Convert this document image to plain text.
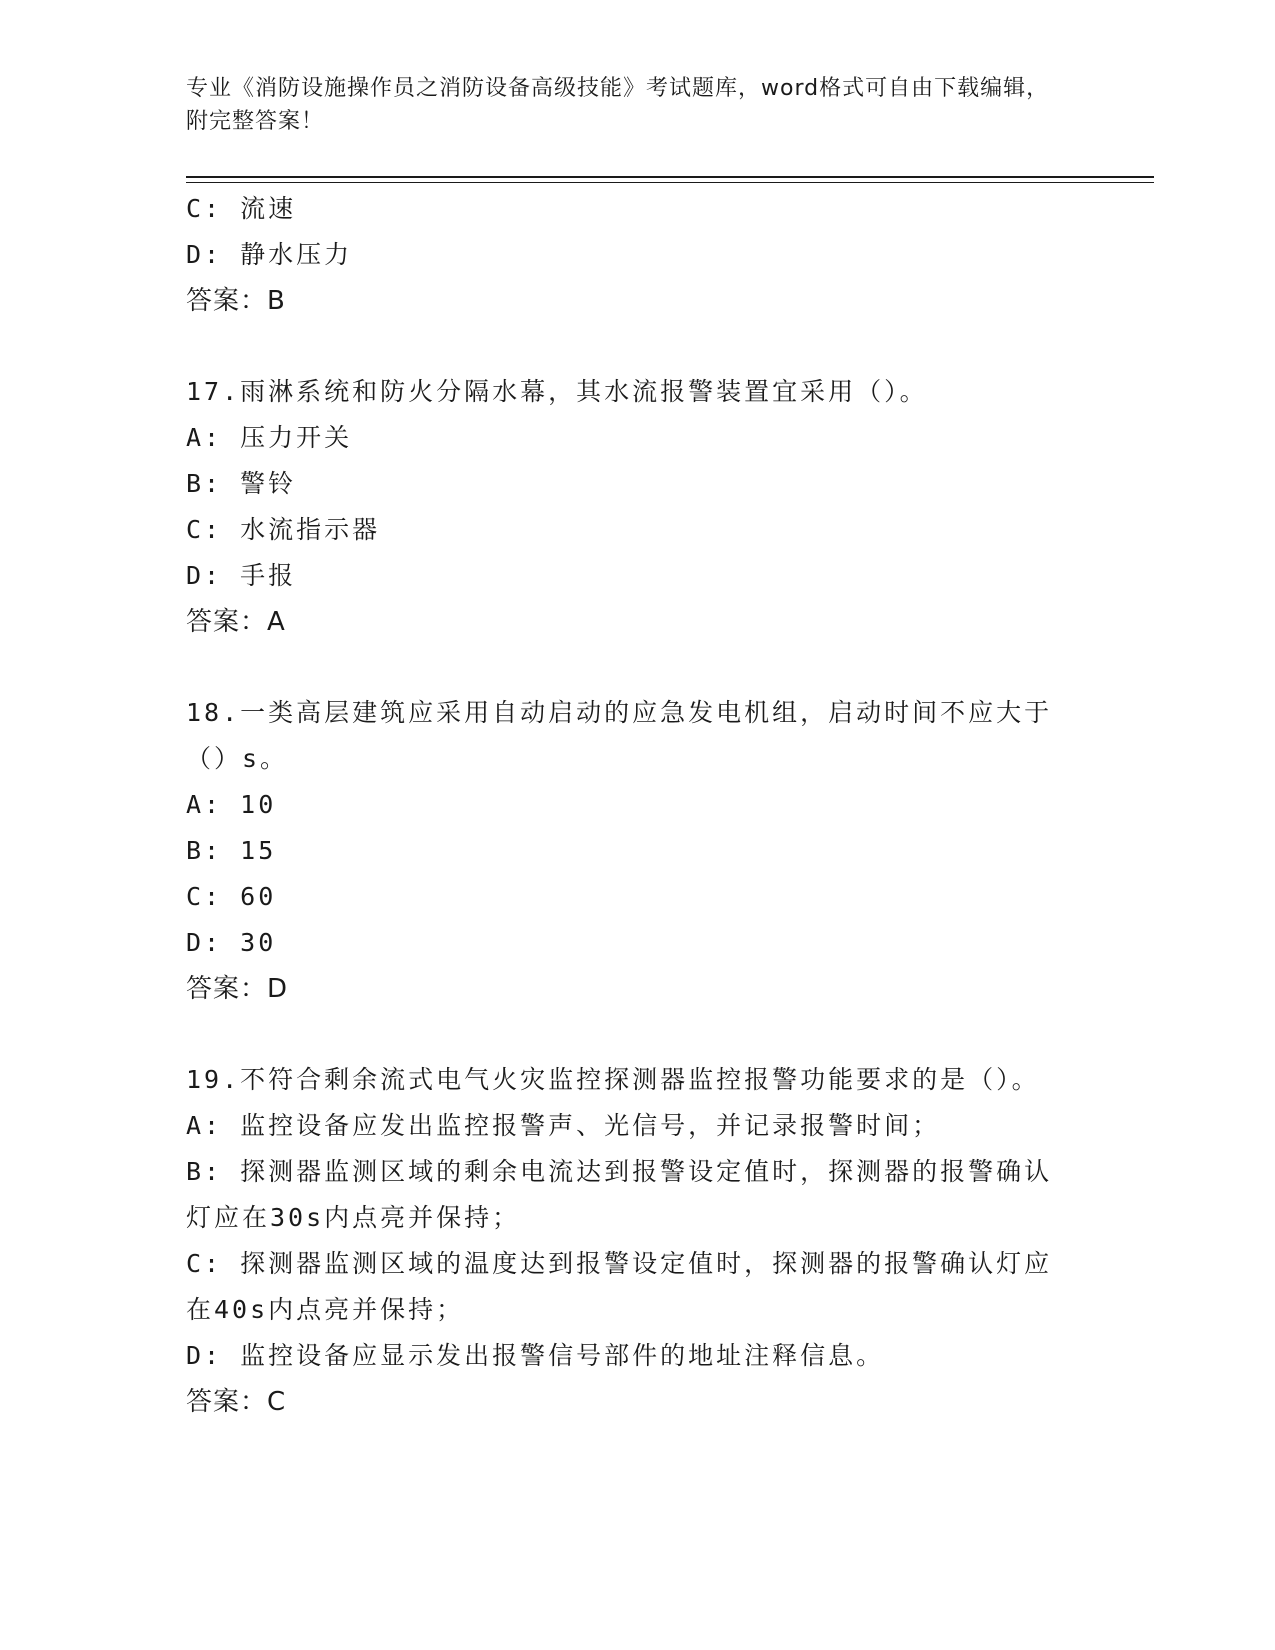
专业《消防设施操作员之消防设备高级技能》考试题库，word格式可自由下载编辑，附完整答案！
C: 流速
D: 静水压力
答案：B
17.雨淋系统和防火分隔水幕，其水流报警装置宜采用（）。
A: 压力开关
B: 警铃
C: 水流指示器
D: 手报
答案：A
18.一类高层建筑应采用自动启动的应急发电机组，启动时间不应大于（）s。
A: 10
B: 15
C: 60
D: 30
答案：D
19.不符合剩余流式电气火灾监控探测器监控报警功能要求的是（）。
A: 监控设备应发出监控报警声、光信号，并记录报警时间；
B: 探测器监测区域的剩余电流达到报警设定值时，探测器的报警确认灯应在30s内点亮并保持；
C: 探测器监测区域的温度达到报警设定值时，探测器的报警确认灯应在40s内点亮并保持；
D: 监控设备应显示发出报警信号部件的地址注释信息。
答案：C
